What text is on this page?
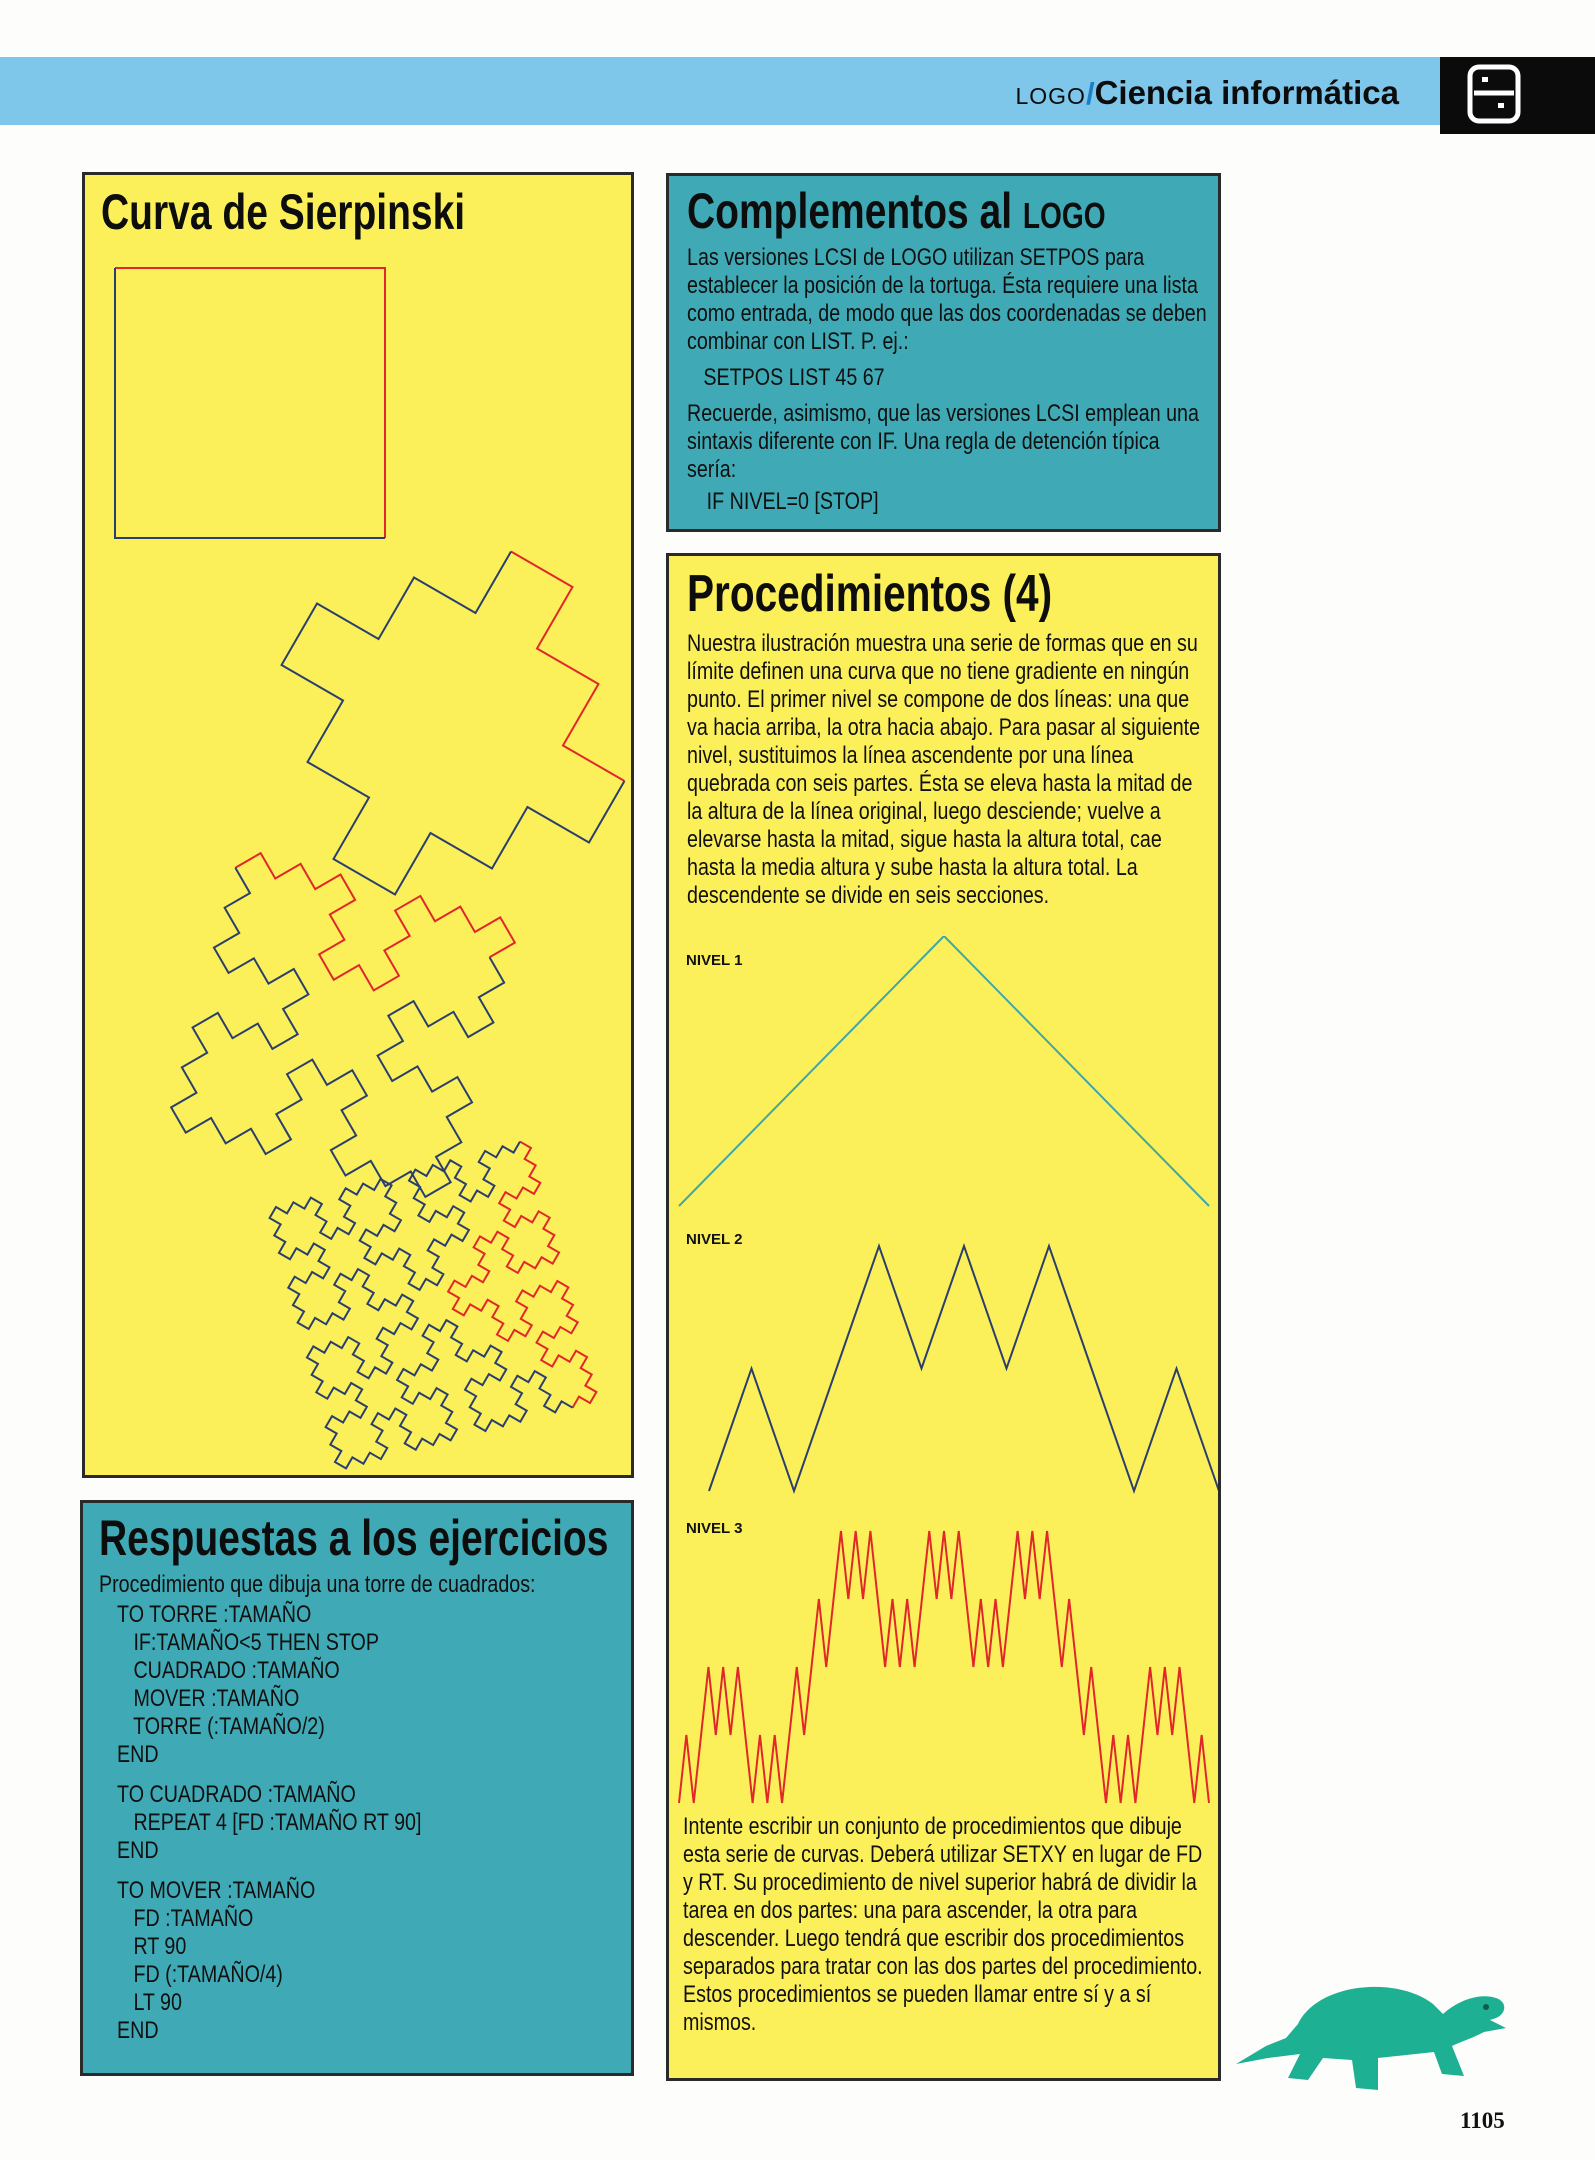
LOGO/Ciencia informática
Curva de Sierpinski	Complementos al LOGO

Las versiones LCSI de LOGO utilizan SETPOS para establecer la posición de la tortuga. Ésta requiere una lista como entrada, de modo que las dos coordenadas se deben combinar con LIST. P. ej.:

SETPOS LIST 45 67

Recuerde, asimismo, que las versiones LCSI emplean una sintaxis diferente con IF. Una regla de detención típica sería:

IF NIVEL=0 [STOP]

Procedimientos (4)

Nuestra ilustración muestra una serie de formas que en su límite definen una curva que no tiene gradiente en ningún punto. El primer nivel se compone de dos líneas: una que va hacia arriba, la otra hacia abajo. Para pasar al siguiente nivel, sustituimos la línea ascendente por una línea quebrada con seis partes. Ésta se eleva hasta la mitad de la altura de la línea original, luego desciende; vuelve a elevarse hasta la mitad, sigue hasta la altura total, cae hasta la media altura y sube hasta la altura total. La descendente se divide en seis secciones.

NIVEL 1
NIVEL 2
NIVEL 3

Intente escribir un conjunto de procedimientos que dibuje esta serie de curvas. Deberá utilizar SETXY en lugar de FD y RT. Su procedimiento de nivel superior habrá de dividir la tarea en dos partes: una para ascender, la otra para descender. Luego tendrá que escribir dos procedimientos separados para tratar con las dos partes del procedimiento. Estos procedimientos se pueden llamar entre sí y a sí mismos.

Respuestas a los ejercicios

Procedimiento que dibuja una torre de cuadrados:

TO TORRE :TAMAÑO

IF:TAMAÑO<5 THEN STOP

CUADRADO :TAMAÑO

MOVER :TAMAÑO

TORRE (:TAMAÑO/2)

END

TO CUADRADO :TAMAÑO

REPEAT 4 [FD :TAMAÑO RT 90]

END

TO MOVER :TAMAÑO

FD :TAMAÑO

RT 90

FD (:TAMAÑO/4)

LT 90

END

1105
